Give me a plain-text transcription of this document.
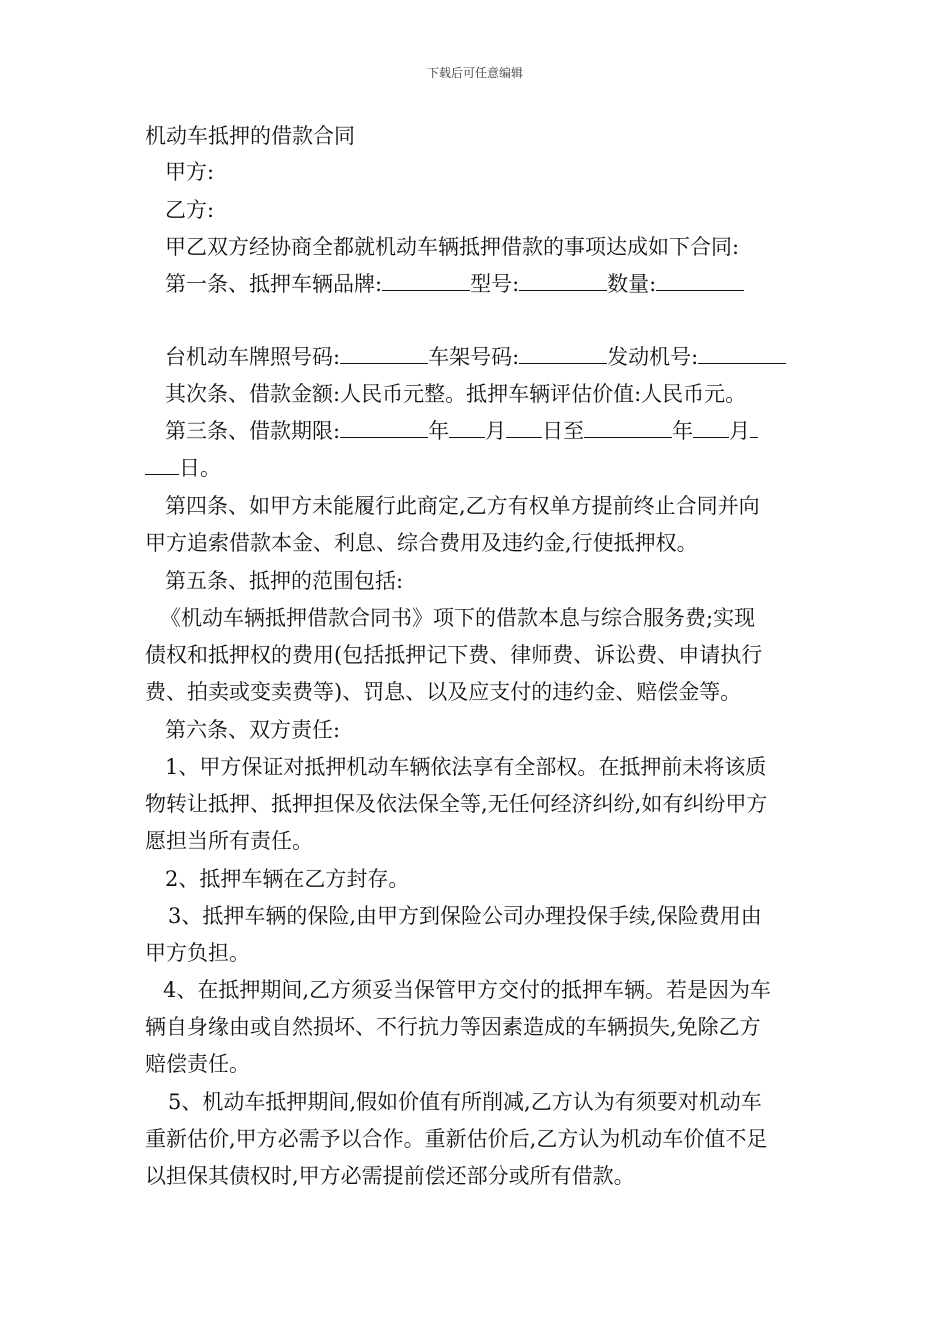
下载后可任意编辑
机动车抵押的借款合同
甲方:
乙方:
甲乙双方经协商全都就机动车辆抵押借款的事项达成如下合同:
第一条、抵押车辆品牌:	型号:	数量:
台机动车牌照号码:	车架号码:	发动机号:
其次条、借款金额:人民币元整。抵押车辆评估价值:人民币元。
第三条、借款期限:	年 月 日至	年 月
日。
第四条、如甲方未能履行此商定,乙方有权单方提前终止合同并向
甲方追索借款本金、利息、综合费用及违约金,行使抵押权。
第五条、抵押的范围包括:
《机动车辆抵押借款合同书》项下的借款本息与综合服务费;实现
债权和抵押权的费用(包括抵押记下费、律师费、诉讼费、申请执行
费、拍卖或变卖费等)、罚息、以及应支付的违约金、赔偿金等。
第六条、双方责任:
1、甲方保证对抵押机动车辆依法享有全部权。在抵押前未将该质
物转让抵押、抵押担保及依法保全等,无任何经济纠纷,如有纠纷甲方
愿担当所有责任。
2、抵押车辆在乙方封存。
3、抵押车辆的保险,由甲方到保险公司办理投保手续,保险费用由
甲方负担。
4、在抵押期间,乙方须妥当保管甲方交付的抵押车辆。若是因为车
辆自身缘由或自然损坏、不行抗力等因素造成的车辆损失,免除乙方
赔偿责任。
5、机动车抵押期间,假如价值有所削减,乙方认为有须要对机动车
重新估价,甲方必需予以合作。重新估价后,乙方认为机动车价值不足
以担保其债权时,甲方必需提前偿还部分或所有借款。
